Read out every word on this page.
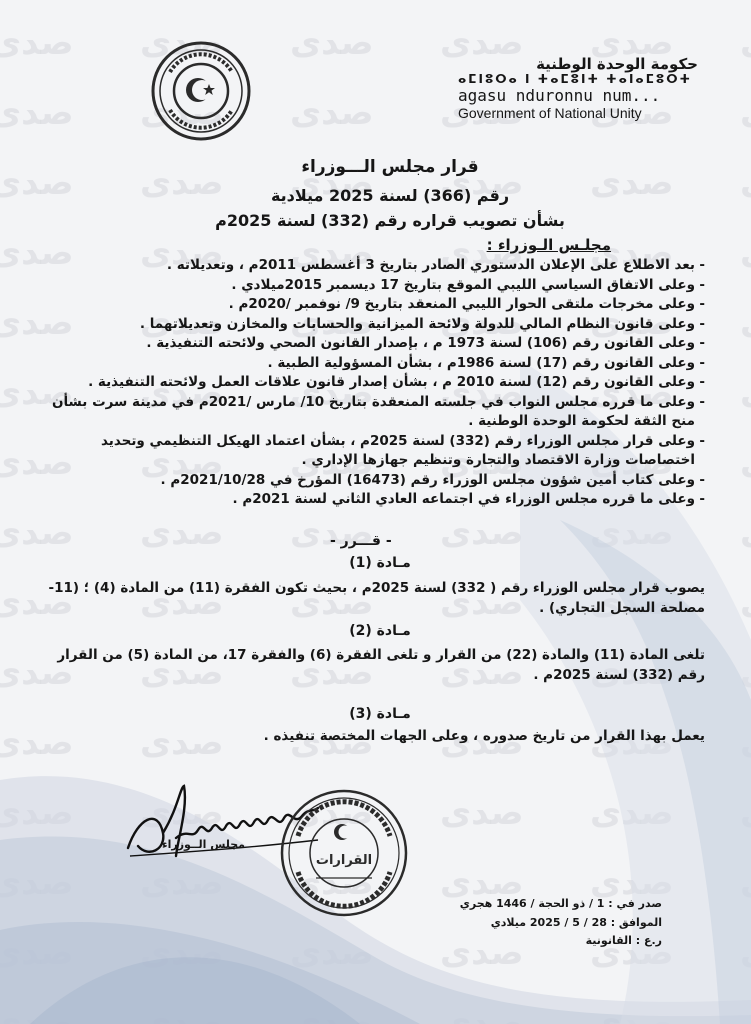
حكومة الوحدة الوطنية
ⴰⵎⵏⵓⵔⴰ ⵏ ⵜⴰⵎⵓⵏⵜ ⵜⴰⵏⴰⵎⵓⵔⵜ
agasu nduronnu num...
Government of National Unity
قرار مجلس الـــوزراء
رقم (366) لسنة 2025 ميلادية
بشأن تصويب قراره رقم (332) لسنة 2025م
مجلـس الـوزراء :
-
بعد الاطلاع على الإعلان الدستوري الصادر بتاريخ 3 أغسطس 2011م ، وتعديلاته .
-
وعلى الاتفاق السياسي الليبي الموقع بتاريخ 17 ديسمبر 2015ميلادي .
-
وعلى مخرجات ملتقى الحوار الليبي المنعقد بتاريخ 9/ نوفمبر /2020م .
-
وعلى قانون النظام المالي للدولة ولائحة الميزانية والحسابات والمخازن وتعديلاتهما .
-
وعلى القانون رقم (106) لسنة 1973 م ، بإصدار القانون الصحي ولائحته التنفيذية .
-
وعلى القانون رقم (17) لسنة 1986م ، بشأن المسؤولية الطبية .
-
وعلى القانون رقم (12) لسنة 2010 م ، بشأن إصدار قانون علاقات العمل ولائحته التنفيذية .
-
وعلى ما قرره مجلس النواب في جلسته المنعقدة بتاريخ 10/ مارس /2021م في مدينة سرت بشأن منح الثقة لحكومة الوحدة الوطنية .
-
وعلى قرار مجلس الوزراء رقم (332) لسنة 2025م ، بشأن اعتماد الهيكل التنظيمي وتحديد اختصاصات وزارة الاقتصاد والتجارة وتنظيم جهازها الإداري .
-
وعلى كتاب أمين شؤون مجلس الوزراء رقم (16473) المؤرخ في 2021/10/28م .
-
وعلى ما قرره مجلس الوزراء في اجتماعه العادي الثاني لسنة 2021م .
- قـــرر -
مـادة (1)
يصوب قرار مجلس الوزراء رقم ( 332) لسنة 2025م ، بحيث تكون الفقرة (11) من المادة (4) ؛ (11- مصلحة السجل التجاري) .
مـادة (2)
تلغى المادة (11) والمادة (22) من القرار و تلغى الفقرة (6) والفقرة 17، من المادة (5) من القرار رقم (332) لسنة 2025م .
مـادة (3)
يعمل بهذا القرار من تاريخ صدوره ، وعلى الجهات المختصة تنفيذه .
مجلس الــوزراء
القرارات
صدر في : 1 / ذو الحجة / 1446 هجري
الموافق : 28 / 5 / 2025 ميلادي
ر.ع : القانونية
